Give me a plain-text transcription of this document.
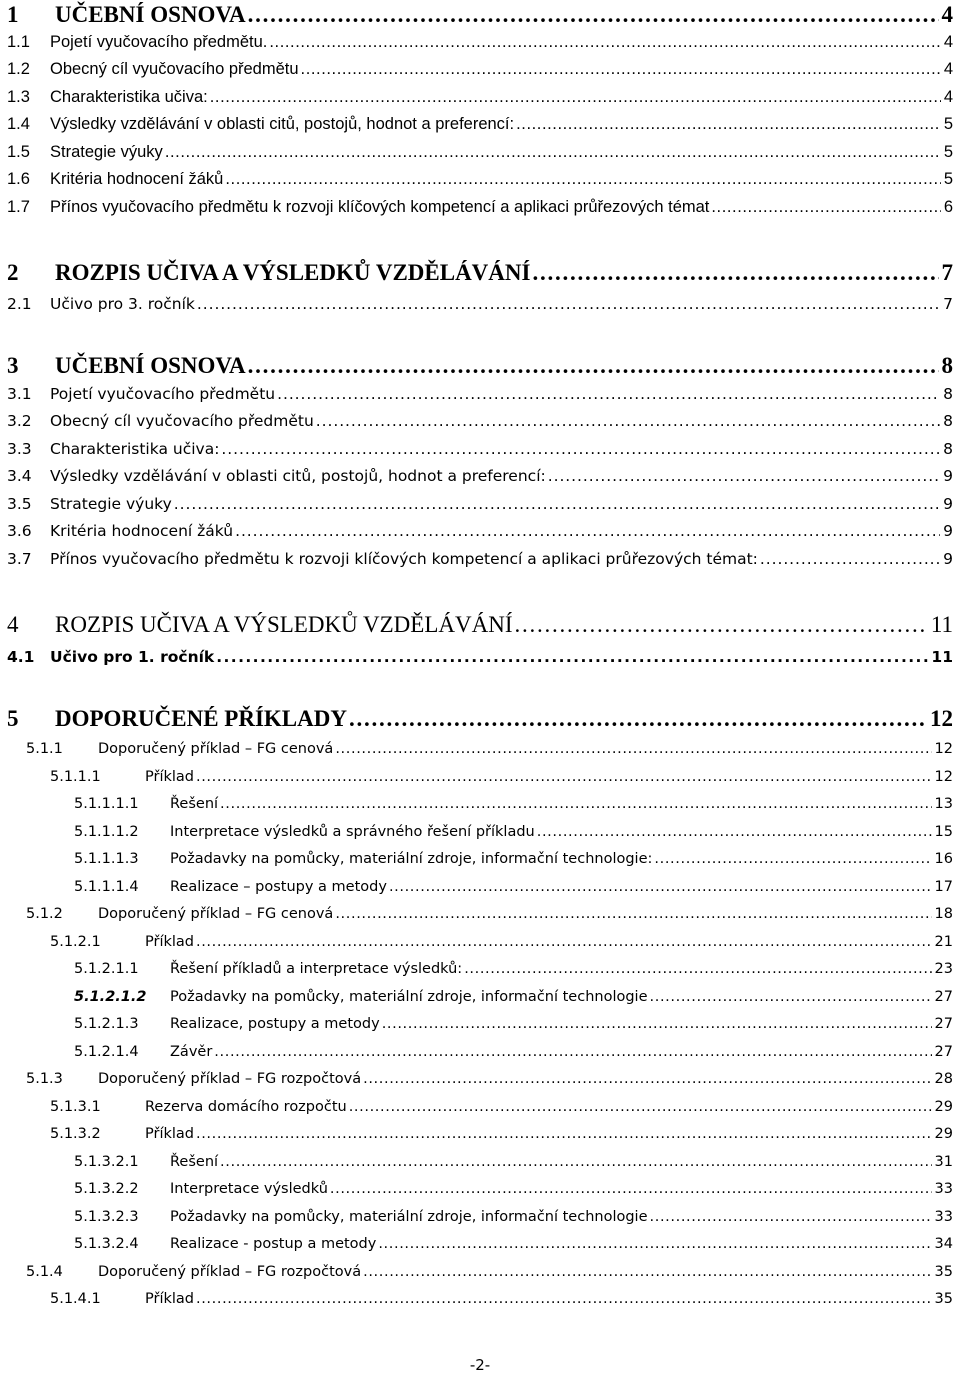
1	UČEBNÍ OSNOVA . . .	4
1.1	Pojetí vyučovacího předmětu. . . .	4
1.2	Obecný cíl vyučovacího předmětu . . .	4
1.3	Charakteristika učiva: . . .	4
1.4	Výsledky vzdělávání v oblasti citů, postojů, hodnot a preferencí: . . .	5
1.5	Strategie výuky . . .	5
1.6	Kritéria hodnocení žáků . . .	5
1.7	Přínos vyučovacího předmětu k rozvoji klíčových kompetencí a aplikaci průřezových témat . . .	6
2	ROZPIS UČIVA A VÝSLEDKŮ VZDĚLÁVÁNÍ . . .	7
2.1	Učivo pro 3. ročník . . .	7
3	UČEBNÍ OSNOVA . . .	8
3.1	Pojetí vyučovacího předmětu . . .	8
3.2	Obecný cíl vyučovacího předmětu . . .	8
3.3	Charakteristika učiva: . . .	8
3.4	Výsledky vzdělávání v oblasti citů, postojů, hodnot a preferencí: . . .	9
3.5	Strategie výuky . . .	9
3.6	Kritéria hodnocení žáků . . .	9
3.7	Přínos vyučovacího předmětu k rozvoji klíčových kompetencí a aplikaci průřezových témat: . . .	9
4	ROZPIS UČIVA A VÝSLEDKŮ VZDĚLÁVÁNÍ . . .	11
4.1	Učivo pro 1. ročník . . .	11
5	DOPORUČENÉ PŘÍKLADY . . .	12
5.1.1	Doporučený příklad – FG cenová . . .	12
5.1.1.1	Příklad . . .	12
5.1.1.1.1	Řešení . . .	13
5.1.1.1.2	Interpretace výsledků a správného řešení příkladu . . .	15
5.1.1.1.3	Požadavky na pomůcky, materiální zdroje, informační technologie: . . .	16
5.1.1.1.4	Realizace – postupy a metody . . .	17
5.1.2	Doporučený příklad – FG cenová . . .	18
5.1.2.1	Příklad . . .	21
5.1.2.1.1	Řešení příkladů a interpretace výsledků: . . .	23
5.1.2.1.2	Požadavky na pomůcky, materiální zdroje, informační technologie . . .	27
5.1.2.1.3	Realizace, postupy a metody . . .	27
5.1.2.1.4	Závěr . . .	27
5.1.3	Doporučený příklad – FG rozpočtová . . .	28
5.1.3.1	Rezerva domácího rozpočtu . . .	29
5.1.3.2	Příklad . . .	29
5.1.3.2.1	Řešení . . .	31
5.1.3.2.2	Interpretace výsledků . . .	33
5.1.3.2.3	Požadavky na pomůcky, materiální zdroje, informační technologie . . .	33
5.1.3.2.4	Realizace - postup a metody . . .	34
5.1.4	Doporučený příklad – FG rozpočtová . . .	35
5.1.4.1	Příklad . . .	35
-2-
